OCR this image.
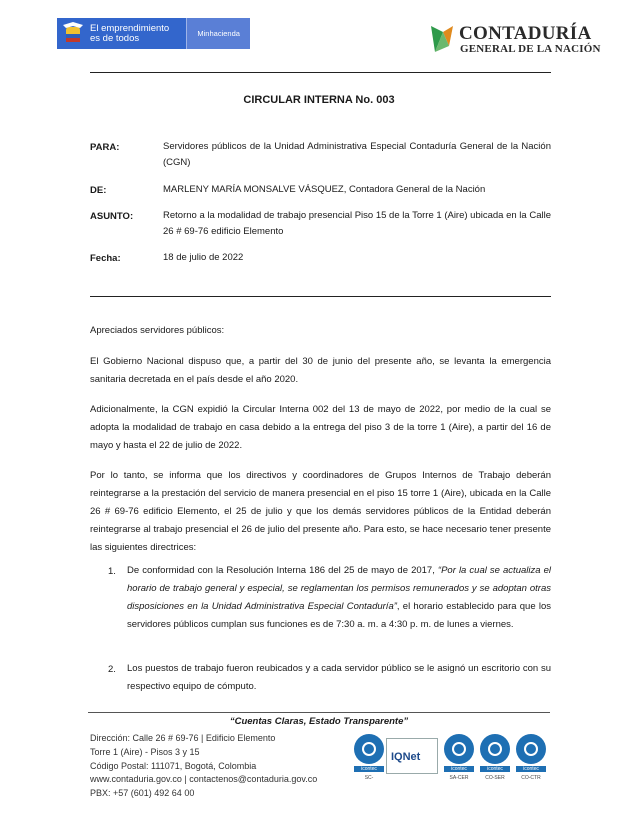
El emprendimiento
es de todos	Minhacienda	CONTADURÍA
GENERAL DE LA NACIÓN
CIRCULAR INTERNA No. 003
PARA:	Servidores públicos de la Unidad Administrativa Especial Contaduría General de la Nación (CGN)
DE:	MARLENY MARÍA MONSALVE VÁSQUEZ, Contadora General de la Nación
ASUNTO:	Retorno a la modalidad de trabajo presencial Piso 15 de la Torre 1 (Aire) ubicada en la Calle 26 # 69-76 edificio Elemento
Fecha:	18 de julio de 2022
Apreciados servidores públicos:
El Gobierno Nacional dispuso que, a partir del 30 de junio del presente año, se levanta la emergencia sanitaria decretada en el país desde el año 2020.
Adicionalmente, la CGN expidió la Circular Interna 002 del 13 de mayo de 2022, por medio de la cual se adopta la modalidad de trabajo en casa debido a la entrega del piso 3 de la torre 1 (Aire), a partir del 16 de mayo y hasta el 22 de julio de 2022.
Por lo tanto, se informa que los directivos y coordinadores de Grupos Internos de Trabajo deberán reintegrarse a la prestación del servicio de manera presencial en el piso 15 torre 1 (Aire), ubicada en la Calle 26 # 69-76 edificio Elemento, el 25 de julio y que los demás servidores públicos de la Entidad deberán reintegrarse al trabajo presencial el 26 de julio del presente año. Para esto, se hace necesario tener presente las siguientes directrices:
1. De conformidad con la Resolución Interna 186 del 25 de mayo de 2017, “Por la cual se actualiza el horario de trabajo general y especial, se reglamentan los permisos remunerados y se adoptan otras disposiciones en la Unidad Administrativa Especial Contaduría”, el horario establecido para que los servidores públicos cumplan sus funciones es de 7:30 a. m. a 4:30 p. m. de lunes a viernes.
2. Los puestos de trabajo fueron reubicados y a cada servidor público se le asignó un escritorio con su respectivo equipo de cómputo.
“Cuentas Claras, Estado Transparente”
Dirección: Calle 26 # 69-76 | Edificio Elemento
Torre 1 (Aire) - Pisos 3 y 15
Código Postal: 111071, Bogotá, Colombia
www.contaduria.gov.co | contactenos@contaduria.gov.co
PBX: +57 (601) 492 64 00
icontec
SC-
IQNet
icontec
SA-CER
icontec
CO-SER
icontec
CO-CTR
